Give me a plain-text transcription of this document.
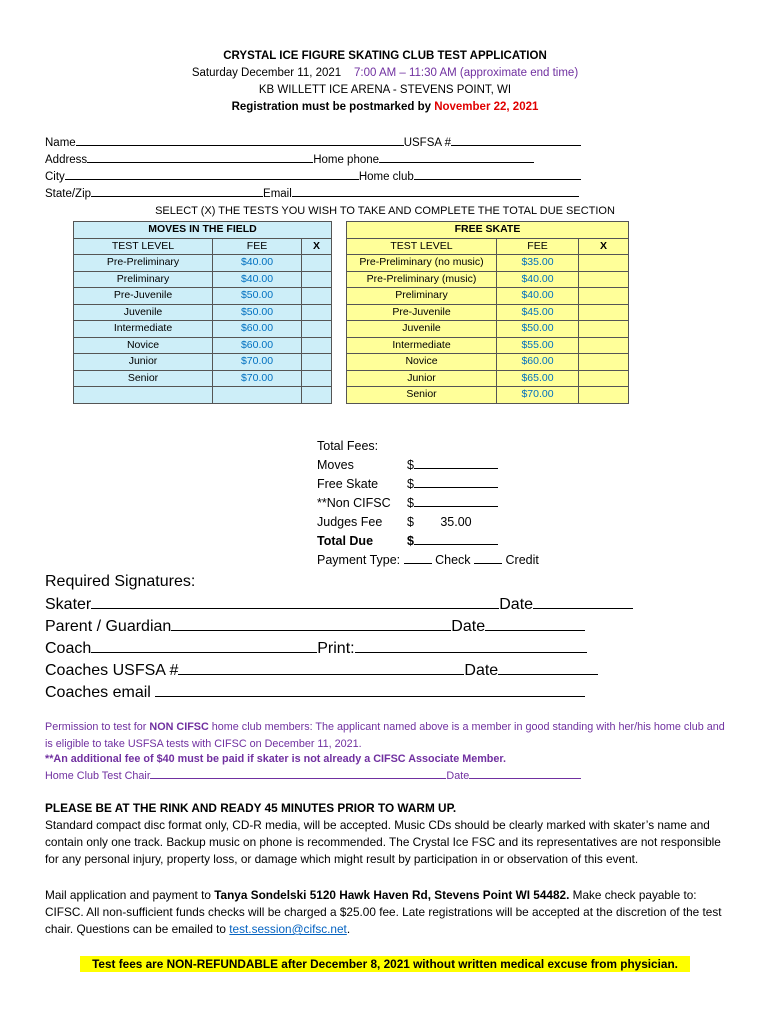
CRYSTAL ICE FIGURE SKATING CLUB TEST APPLICATION
Saturday December 11, 2021 7:00 AM – 11:30 AM (approximate end time)
KB WILLETT ICE ARENA - STEVENS POINT, WI
Registration must be postmarked by November 22, 2021
Name	USFSA #
Address	Home phone
City	Home club
State/Zip	Email
SELECT (X) THE TESTS YOU WISH TO TAKE AND COMPLETE THE TOTAL DUE SECTION
MOVES IN THE FIELD		
TEST LEVEL	FEE	X
Pre-Preliminary	$40.00	
Preliminary	$40.00	
Pre-Juvenile	$50.00	
Juvenile	$50.00	
Intermediate	$60.00	
Novice	$60.00	
Junior	$70.00	
Senior	$70.00	

FREE SKATE		
TEST LEVEL	FEE	X
Pre-Preliminary (no music)	$35.00	
Pre-Preliminary (music)	$40.00	
Preliminary	$40.00	
Pre-Juvenile	$45.00	
Juvenile	$50.00	
Intermediate	$55.00	
Novice	$60.00	
Junior	$65.00	
Senior	$70.00	
Total Fees:
Moves	$
Free Skate $
**Non CIFSC $
Judges Fee $ 35.00
Total Due	$
Payment Type:	Check	Credit
Required Signatures:
Skater	Date
Parent / Guardian	Date
Coach	Print:
Coaches USFSA #	Date
Coaches email
Permission to test for NON CIFSC home club members: The applicant named above is a member in good standing with her/his home club and is eligible to take USFSA tests with CIFSC on December 11, 2021.
**An additional fee of $40 must be paid if skater is not already a CIFSC Associate Member.
Home Club Test Chair	Date
PLEASE BE AT THE RINK AND READY 45 MINUTES PRIOR TO WARM UP.
Standard compact disc format only, CD-R media, will be accepted. Music CDs should be clearly marked with skater’s name and contain only one track. Backup music on phone is recommended. The Crystal Ice FSC and its representatives are not responsible for any personal injury, property loss, or damage which might result by participation in or observation of this event.
Mail application and payment to Tanya Sondelski 5120 Hawk Haven Rd, Stevens Point WI 54482. Make check payable to: CIFSC. All non-sufficient funds checks will be charged a $25.00 fee. Late registrations will be accepted at the discretion of the test chair. Questions can be emailed to test.session@cifsc.net.
Test fees are NON-REFUNDABLE after December 8, 2021 without written medical excuse from physician.
